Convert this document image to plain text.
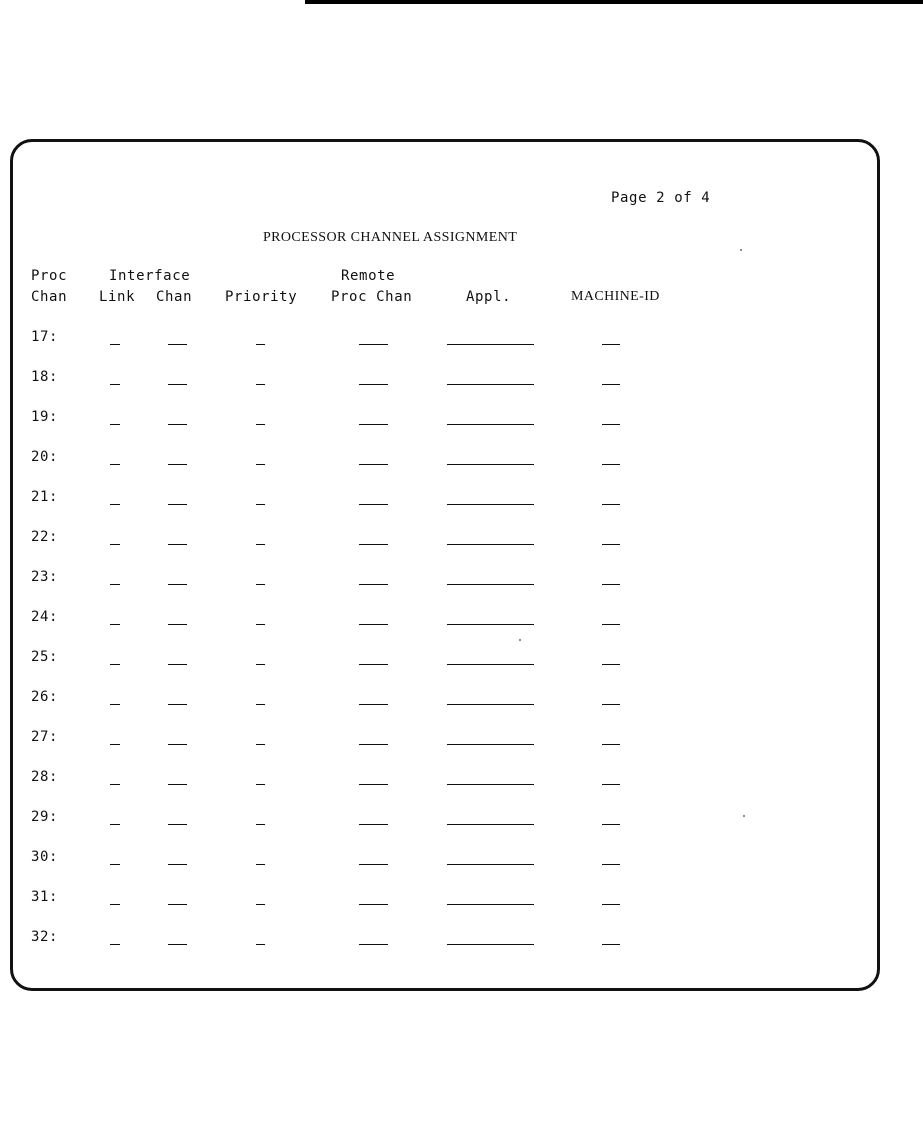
Page 2 of 4
PROCESSOR CHANNEL ASSIGNMENT
Proc
Chan
Interface
Link Chan Priority
Remote
Proc Chan	Appl.	MACHINE-ID
17:
18:
19:
20:
21:
22:
23:
24:
25:
26:
27:
28:
29:
30:
31:
32:
